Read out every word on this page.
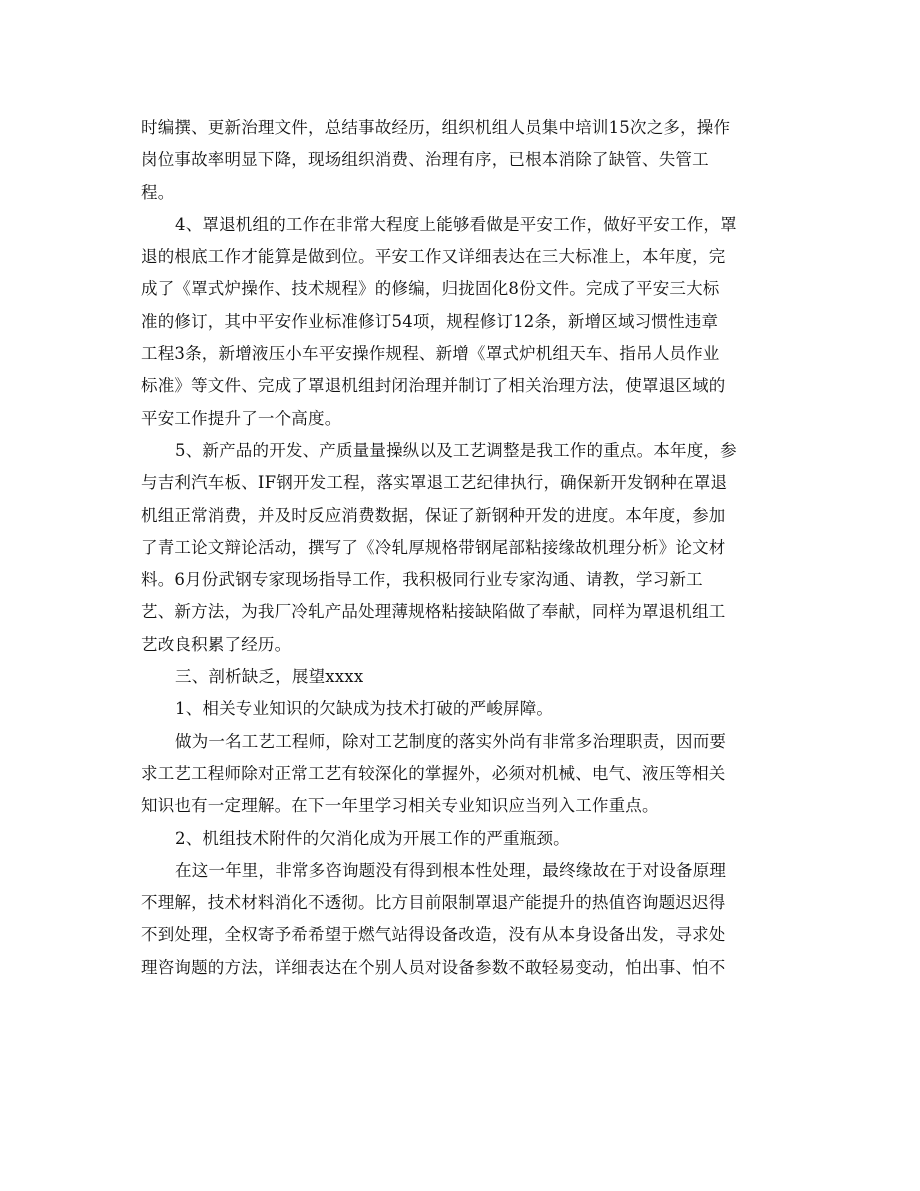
时编撰、更新治理文件，总结事故经历，组织机组人员集中培训15次之多，操作
岗位事故率明显下降，现场组织消费、治理有序，已根本消除了缺管、失管工
程。
4、罩退机组的工作在非常大程度上能够看做是平安工作，做好平安工作，罩
退的根底工作才能算是做到位。平安工作又详细表达在三大标准上，本年度，完
成了《罩式炉操作、技术规程》的修编，归拢固化8份文件。完成了平安三大标
准的修订，其中平安作业标准修订54项，规程修订12条，新增区域习惯性违章
工程3条，新增液压小车平安操作规程、新增《罩式炉机组天车、指吊人员作业
标准》等文件、完成了罩退机组封闭治理并制订了相关治理方法，使罩退区域的
平安工作提升了一个高度。
5、新产品的开发、产质量量操纵以及工艺调整是我工作的重点。本年度，参
与吉利汽车板、IF钢开发工程，落实罩退工艺纪律执行，确保新开发钢种在罩退
机组正常消费，并及时反应消费数据，保证了新钢种开发的进度。本年度，参加
了青工论文辩论活动，撰写了《冷轧厚规格带钢尾部粘接缘故机理分析》论文材
料。6月份武钢专家现场指导工作，我积极同行业专家沟通、请教，学习新工
艺、新方法，为我厂冷轧产品处理薄规格粘接缺陷做了奉献，同样为罩退机组工
艺改良积累了经历。
三、剖析缺乏，展望xxxx
1、相关专业知识的欠缺成为技术打破的严峻屏障。
做为一名工艺工程师，除对工艺制度的落实外尚有非常多治理职责，因而要
求工艺工程师除对正常工艺有较深化的掌握外，必须对机械、电气、液压等相关
知识也有一定理解。在下一年里学习相关专业知识应当列入工作重点。
2、机组技术附件的欠消化成为开展工作的严重瓶颈。
在这一年里，非常多咨询题没有得到根本性处理，最终缘故在于对设备原理
不理解，技术材料消化不透彻。比方目前限制罩退产能提升的热值咨询题迟迟得
不到处理，全权寄予希希望于燃气站得设备改造，没有从本身设备出发，寻求处
理咨询题的方法，详细表达在个别人员对设备参数不敢轻易变动，怕出事、怕不
